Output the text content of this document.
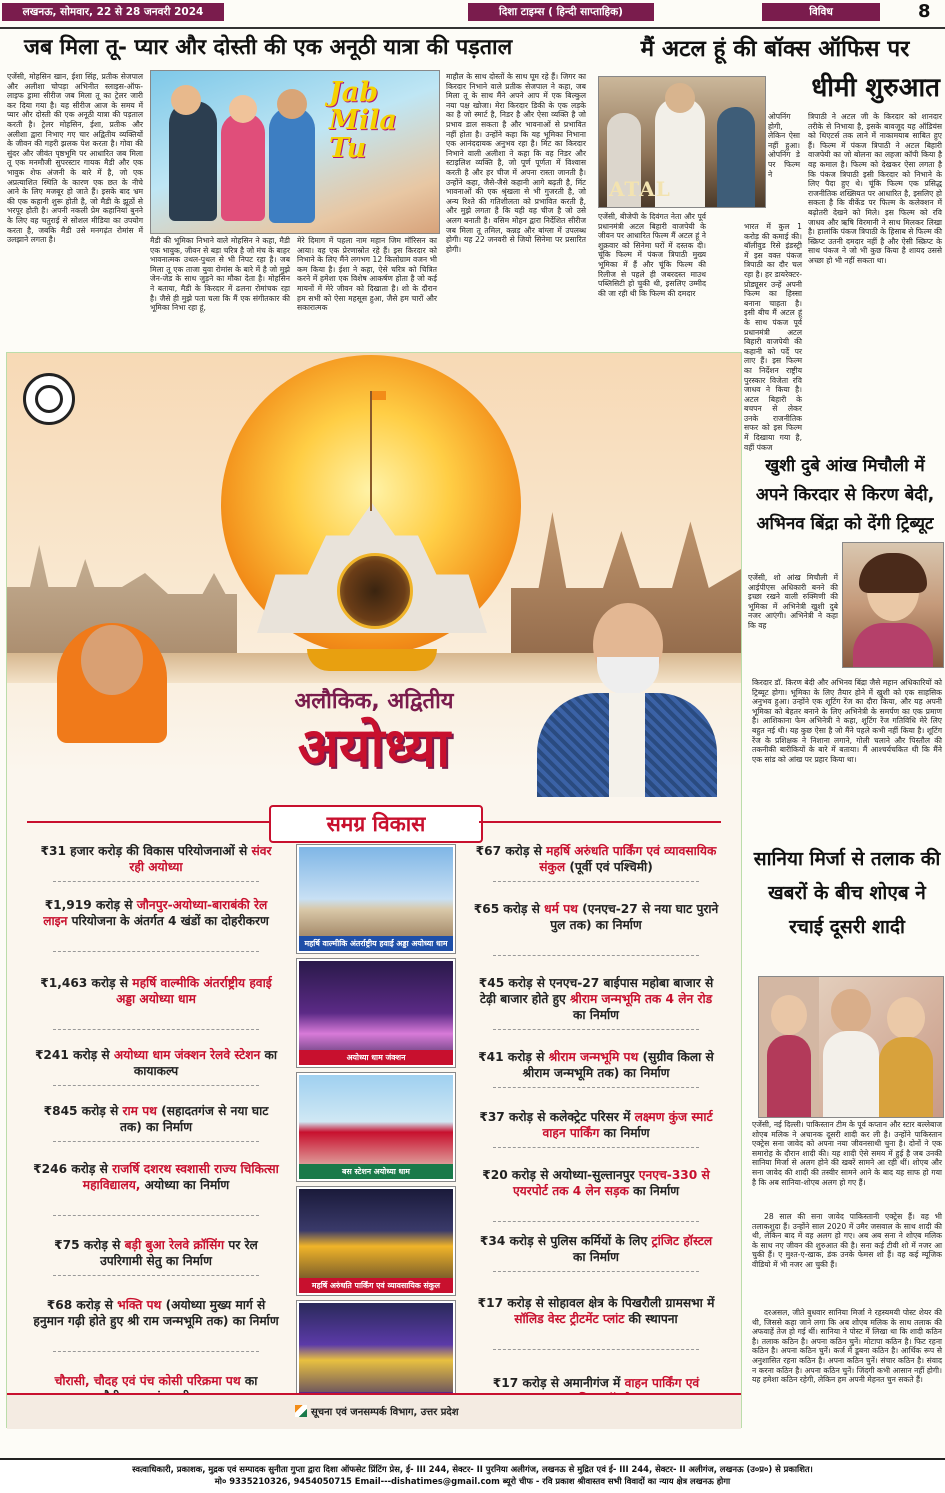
लखनऊ, सोमवार, 22 से 28 जनवरी 2024	दिशा टाइम्स ( हिन्दी साप्ताहिक)	विविध	8
जब मिला तू- प्यार और दोस्ती की एक अनूठी यात्रा की पड़ताल
एजेंसी, मोहसिन खान, ईशा सिंह, प्रतीक सेजपाल और अलीशा चोपड़ा अभिनीत स्लाइस-ऑफ-लाइफ ड्रामा सीरीज जब मिला तू का ट्रेलर जारी कर दिया गया है। यह सीरीज आज के समय में प्यार और दोस्ती की एक अनूठी यात्रा की पड़ताल करती है। ट्रेलर मोहसिन, ईशा, प्रतीक और अलीशा द्वारा निभाए गए चार अद्वितीय व्यक्तियों के जीवन की गहरी झलक पेश करता है। गोवा की सुंदर और जीवंत पृष्ठभूमि पर आधारित जब मिला तू एक मनमौजी सुपरस्टार गायक मैडी और एक भावुक शेफ अंजनी के बारे में है, जो एक अप्रत्याशित स्थिति के कारण एक छत के नीचे आने के लिए मजबूर हो जाते हैं। इसके बाद भ्रम की एक कहानी शुरू होती है, जो मैडी के झूठों से भरपूर होती है। अपनी नकली प्रेम कहानियां बुनने के लिए वह चतुराई से सोशल मीडिया का उपयोग करता है, जबकि मैडी उसे मनगढ़ंत रोमांस में उलझाने लगता है।
Jab Mila Tu
मैडी की भूमिका निभाने वाले मोहसिन ने कहा, मैडी एक भावुक, जीवन से बड़ा चरित्र है जो मंच के बाहर भावनात्मक उथल-पुथल से भी निपट रहा है। जब मिला तू एक ताजा युवा रोमांस के बारे में है जो मुझे जेन-जेड के साथ जुड़ने का मौका देता है। मोहसिन ने बताया, मैडी के किरदार में ढलना रोमांचक रहा है। जैसे ही मुझे पता चला कि मैं एक संगीतकार की भूमिका निभा रहा हूं,
मेरे दिमाग में पहला नाम महान जिम मॉरिसन का आया। वह एक प्रेरणास्रोत रहे हैं। इस किरदार को निभाने के लिए मैंने लगभग 12 किलोग्राम वजन भी कम किया है। ईशा ने कहा, ऐसे चरित्र को चित्रित करने में हमेशा एक विशेष आकर्षण होता है जो कई मायनों में मेरे जीवन को दिखाता है। शो के दौरान हम सभी को ऐसा महसूस हुआ, जैसे हम चारों और सकारात्मक
माहौल के साथ दोस्तों के साथ घूम रहे हैं। जिगर का किरदार निभाने वाले प्रतीक सेजपाल ने कहा, जब मिला तू के साथ मैंने अपने आप में एक बिल्कुल नया पक्ष खोजा। मेरा किरदार डिकी के एक लड़के का है जो स्मार्ट है, निडर है और ऐसा व्यक्ति है जो प्रभाव डाल सकता है और भावनाओं से प्रभावित नहीं होता है। उन्होंने कहा कि यह भूमिका निभाना एक आनंददायक अनुभव रहा है। मिंट का किरदार निभाने वाली अलीशा ने कहा कि वह निडर और स्टाइलिश व्यक्ति है, जो पूर्ण पूर्णता में विश्वास करती है और हर चीज में अपना रास्ता जानती है। उन्होंने कहा, जैसे-जैसे कहानी आगे बढ़ती है, मिंट भावनाओं की एक श्रृंखला से भी गुजरती है, जो अन्य रिश्ते की गतिशीलता को प्रभावित करती है, और मुझे लगता है कि यही वह चीज है जो उसे अलग बनाती है। वसिम मोहन द्वारा निर्देशित सीरीज जब मिला तू तमिल, कन्नड़ और बांग्ला में उपलब्ध होगी। यह 22 जनवरी से जियो सिनेमा पर प्रसारित होगी।
मैं अटल हूं की बॉक्स ऑफिस पर
धीमी शुरुआत
ATAL
ओपनिंग होगी, लेकिन ऐसा नहीं हुआ। ओपनिंग डे पर फिल्म ने
त्रिपाठी ने अटल जी के किरदार को शानदार तरीके से निभाया है, इसके बावजूद यह ऑडियंस को थिएटर्स तक लाने में नाकामयाब साबित हुए हैं। फिल्म में पंकज त्रिपाठी ने अटल बिहारी वाजपेयी का जो बोलना का लहजा कॉपी किया है वह कमाल है। फिल्म को देखकर ऐसा लगता है कि पंकज त्रिपाठी इसी किरदार को निभाने के लिए पैदा हुए थे। चूंकि फिल्म एक प्रसिद्ध राजनीतिक शख्सियत पर आधारित है, इसलिए हो सकता है कि वीकेंड पर फिल्म के कलेक्शन में बढ़ोतरी देखने को मिले। इस फिल्म को रवि जाधव और ऋषि विरमानी ने साथ मिलकर लिखा है। हालांकि पंकज त्रिपाठी के हिसाब से फिल्म की स्क्रिप्ट उतनी दमदार नहीं है और ऐसी स्क्रिप्ट के साथ पंकज ने जो भी कुछ किया है शायद उससे अच्छा हो भी नहीं सकता था।
एजेंसी, बीजेपी के दिवंगत नेता और पूर्व प्रधानमंत्री अटल बिहारी वाजपेयी के जीवन पर आधारित फिल्म मैं अटल हूं ने शुक्रवार को सिनेमा घरों में दस्तक दी। चूंकि फिल्म में पंकज त्रिपाठी मुख्य भूमिका में हैं और चूंकि फिल्म की रिलीज से पहले ही जबरदस्त माउथ पब्लिसिटी हो चुकी थी, इसलिए उम्मीद की जा रही थी कि फिल्म की दमदार
भारत में कुल 1 करोड़ की कमाई की। बॉलीवुड रिसे इंडस्ट्री में इस वक्त पंकज त्रिपाठी का दौर चल रहा है। हर डायरेक्टर-प्रोड्यूसर उन्हें अपनी फिल्म का हिस्सा बनाना चाहता है। इसी बीच मैं अटल हूं के साथ पंकज पूर्व प्रधानमंत्री अटल बिहारी वाजपेयी की कहानी को पर्दे पर लाए हैं। इस फिल्म का निर्देशन राष्ट्रीय पुरस्कार विजेता रवि जाधव ने किया है। अटल बिहारी के बचपन से लेकर उनके राजनीतिक सफर को इस फिल्म में दिखाया गया है, वहीं पंकज
खुशी दुबे आंख मिचौली में अपने किरदार से किरण बेदी, अभिनव बिंद्रा को देंगी ट्रिब्यूट
एजेंसी, शो आंख मिचौली में आईपीएस अधिकारी बनने की इच्छा रखने वाली रुक्मिणी की भूमिका में अभिनेत्री खुशी दुबे नजर आएंगी। अभिनेत्री ने कहा कि वह
किरदार डॉ. किरण बेदी और अभिनव बिंद्रा जैसे महान अधिकारियों को ट्रिब्यूट होगा। भूमिका के लिए तैयार होने में खुशी को एक साहसिक अनुभव हुआ। उन्होंने एक शूटिंग रेंज का दौरा किया, और यह अपनी भूमिका को बेहतर बनाने के लिए अभिनेत्री के समर्पण का एक प्रमाण है। आशिकाना फेम अभिनेत्री ने कहा, शूटिंग रेंज गतिविधि मेरे लिए बहुत नई थी। यह कुछ ऐसा है जो मैंने पहले कभी नहीं किया है। शूटिंग रेंज के प्रशिक्षक ने निशाना लगाने, गोली चलाने और पिस्तौल की तकनीकी बारीकियों के बारे में बताया। मैं आश्चर्यचकित थी कि मैंने एक सांड को आंख पर प्रहार किया था।
सानिया मिर्जा से तलाक की खबरों के बीच शोएब ने रचाई दूसरी शादी
एजेंसी, नई दिल्ली। पाकिस्तान टीम के पूर्व कप्तान और स्टार बल्लेबाज शोएब मलिक ने अचानक दूसरी शादी कर ली है। उन्होंने पाकिस्तान एक्ट्रेस सना जावेद को अपना नया जीवनसाथी चुना है। दोनों ने एक समारोह के दौरान शादी की। यह शादी ऐसे समय में हुई है जब उनकी सानिया मिर्जा से अलग होने की खबरें सामने आ रही थीं। शोएब और सना जावेद की शादी की तस्वीर सामने आने के बाद यह साफ हो गया है कि अब सानिया-शोएब अलग हो गए हैं।
28 साल की सना जावेद पाकिस्तानी एक्ट्रेस हैं। वह भी तलाकशुदा हैं। उन्होंने साल 2020 में उमैर जसवाल के साथ शादी की थी, लेकिन बाद में वह अलग हो गए। अब अब सना ने शोएब मलिक के साथ नए जीवन की शुरुआत की है। सना कई टीवी शो में नजर आ चुकी हैं। ए मुश्त-ए-खाक, डंक उनके फेमस शो हैं। वह कई म्यूजिक वीडियो में भी नजर आ चुकी हैं।
दरअसल, जीते बुधवार सानिया मिर्जा ने रहस्यमयी पोस्ट शेयर की थी, जिससे कहा जाने लगा कि अब शोएब मलिक के साथ तलाक की अफवाहें तेज हो गई थीं। सानिया ने पोस्ट में लिखा था कि शादी कठिन है। तलाक कठिन है। अपना कठिन चुनें। मोटापा कठिन है। फिट रहना कठिन है। अपना कठिन चुनें। कर्ज में डूबना कठिन है। आर्थिक रूप से अनुशासित रहना कठिन है। अपना कठिन चुनें। संचार कठिन है। संवाद न करना कठिन है। अपना कठिन चुनें। जिंदगी कभी आसान नहीं होगी। यह हमेशा कठिन रहेगी, लेकिन हम अपनी मेहनत चुन सकते हैं।
अलौकिक, अद्वितीय
अयोध्या
समग्र विकास
₹31 हजार करोड़ की विकास परियोजनाओं से संवर रही अयोध्या
₹1,919 करोड़ से जौनपुर-अयोध्या-बाराबंकी रेल लाइन परियोजना के अंतर्गत 4 खंडों का दोहरीकरण
₹1,463 करोड़ से महर्षि वाल्मीकि अंतर्राष्ट्रीय हवाई अड्डा अयोध्या धाम
₹241 करोड़ से अयोध्या धाम जंक्शन रेलवे स्टेशन का कायाकल्प
₹845 करोड़ से राम पथ (सहादतगंज से नया घाट तक) का निर्माण
₹246 करोड़ से राजर्षि दशरथ स्वशासी राज्य चिकित्सा महाविद्यालय, अयोध्या का निर्माण
₹75 करोड़ से बड़ी बुआ रेलवे क्रॉसिंग पर रेल उपरिगामी सेतु का निर्माण
₹68 करोड़ से भक्ति पथ (अयोध्या मुख्य मार्ग से हनुमान गढ़ी होते हुए श्री राम जन्मभूमि तक) का निर्माण
चौरासी, चौदह एवं पंच कोसी परिक्रमा पथ का
₹67 करोड़ से महर्षि अरुंधति पार्किंग एवं व्यावसायिक संकुल (पूर्वी एवं पश्चिमी)
₹65 करोड़ से धर्म पथ (एनएच-27 से नया घाट पुराने पुल तक) का निर्माण
₹45 करोड़ से एनएच-27 बाईपास महोबा बाजार से टेढ़ी बाजार होते हुए श्रीराम जन्मभूमि तक 4 लेन रोड का निर्माण
₹41 करोड़ से श्रीराम जन्मभूमि पथ (सुग्रीव किला से श्रीराम जन्मभूमि तक) का निर्माण
₹37 करोड़ से कलेक्ट्रेट परिसर में लक्ष्मण कुंज स्मार्ट वाहन पार्किंग का निर्माण
₹20 करोड़ से अयोध्या-सुल्तानपुर एनएच-330 से एयरपोर्ट तक 4 लेन सड़क का निर्माण
₹34 करोड़ से पुलिस कर्मियों के लिए ट्रांजिट हॉस्टल का निर्माण
₹17 करोड़ से सोहावल क्षेत्र के पिखरौली ग्रामसभा में सॉलिड वेस्ट ट्रीटमेंट प्लांट की स्थापना
₹17 करोड़ से अमानीगंज में वाहन पार्किंग एवं
महर्षि वाल्मीकि अंतर्राष्ट्रीय हवाई अड्डा अयोध्या धाम
अयोध्या धाम जंक्शन
बस स्टेशन अयोध्या धाम
महर्षि अरुंधति पार्किंग एवं व्यावसायिक संकुल
सूचना एवं जनसम्पर्क विभाग, उत्तर प्रदेश
स्वत्वाधिकारी, प्रकाशक, मुद्रक एवं सम्पादक सुनीता गुप्ता द्वारा दिशा ऑफसेट प्रिंटिंग प्रेस, ई- III 244, सेक्टर- II पुरनिया अलीगंज, लखनऊ से मुद्रित एवं ई- III 244, सेक्टर- II अलीगंज, लखनऊ (उ०प्र०) से प्रकाशित।
मो० 9335210326, 9454050715 Email---dishatimes@gmail.com ब्यूरो चीफ - रवि प्रकाश श्रीवास्तव सभी विवादों का न्याय क्षेत्र लखनऊ होगा
